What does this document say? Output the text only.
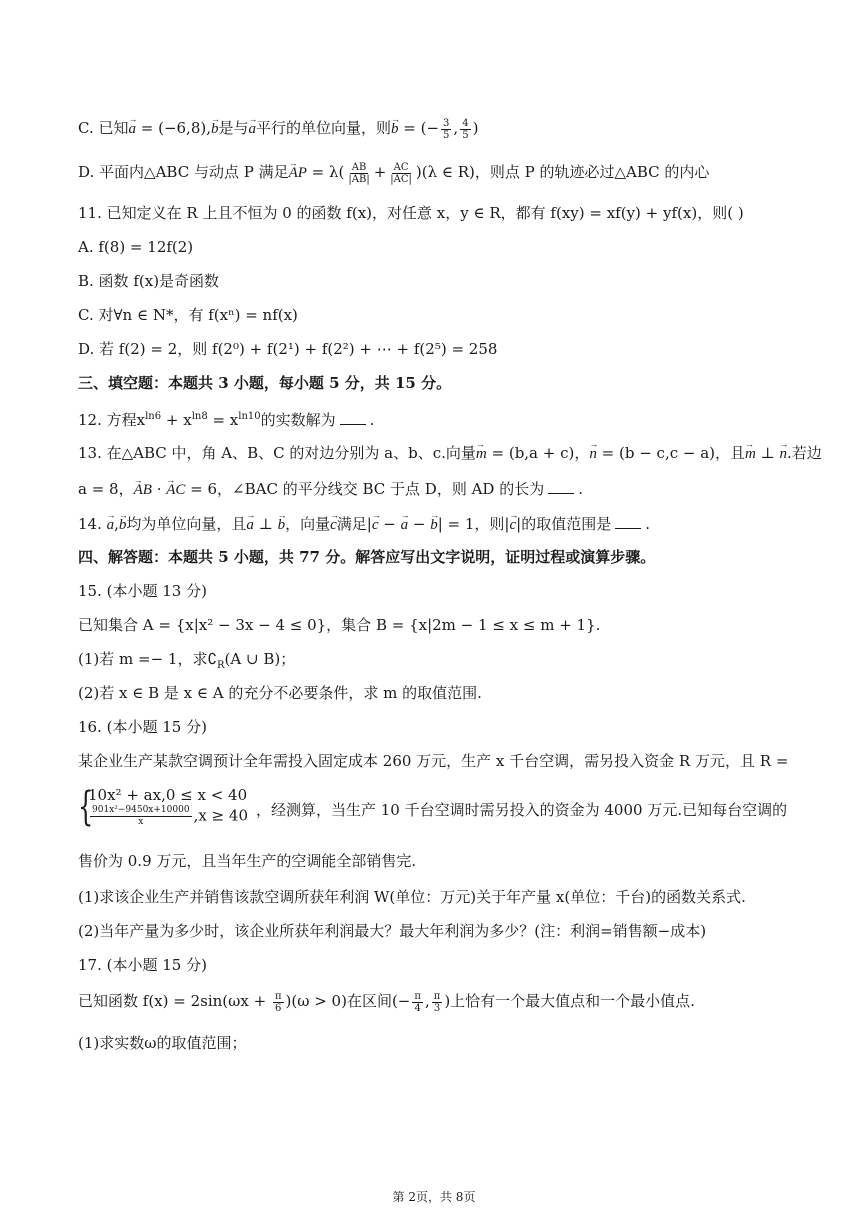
C. 已知→ a = (−6,8),→ b是与→ a平行的单位向量，则→ b = (− $\frac{3}{5}$ , $\frac{4}{5}$ )
D. 平面内△ABC 与动点 P 满足→ AP = $\lambda( \frac{AB}{|AB|} + \frac{AC}{|AC|} )(\lambda$ ∈ R)，则点 P 的轨迹必过△ABC 的内心
11. 已知定义在 R 上且不恒为 0 的函数 f(x)，对任意 x，y ∈ R，都有 f(xy) = xf(y) + yf(x)，则( )
A. f(8) = 12f(2)
B. 函数 f(x)是奇函数
C. 对∀n ∈ N*，有 f(xⁿ) = nf(x)
D. 若 f(2) = 2，则 f(2⁰) + f(2¹) + f(2²) + ⋯ + f(2⁵) = 258
三、填空题：本题共 3 小题，每小题 5 分，共 15 分。
12. 方程$x^{ln6} + x^{ln8} = x^{ln10}$的实数解为 .
13. 在△ABC 中，角 A、B、C 的对边分别为 a、b、c.向量→ m = (b,a + c)，→ n = (b − c,c − a)，且→ m ⊥ → n.若边
a = 8，→ AB · → AC = 6，∠BAC 的平分线交 BC 于点 D，则 AD 的长为 .
14. → a,→ b均为单位向量，且→ a ⊥ → b，向量→ c满足|→ c − → a − → b| = 1，则|→ c|的取值范围是 .
四、解答题：本题共 5 小题，共 77 分。解答应写出文字说明，证明过程或演算步骤。
15. (本小题 13 分)
已知集合 A = {x|x² − 3x − 4 ≤ 0}，集合 B = {x|2m − 1 ≤ x ≤ m + 1}.
(1)若 m =− 1，求$∁_R(A$ ∪ B)；
(2)若 x ∈ B 是 x ∈ A 的充分不必要条件，求 m 的取值范围.
16. (本小题 15 分)
某企业生产某款空调预计全年需投入固定成本 260 万元，生产 x 千台空调，需另投入资金 R 万元，且 R =
{
10x² + ax,0 ≤ x < 40
$\frac{\text{901x²−9450x+10000}}{x} ,x \ge 40$ ，经测算，当生产 10 千台空调时需另投入的资金为 4000 万元.已知每台空调的
售价为 0.9 万元，且当年生产的空调能全部销售完.
(1)求该企业生产并销售该款空调所获年利润 W(单位：万元)关于年产量 x(单位：千台)的函数关系式.
(2)当年产量为多少时，该企业所获年利润最大？最大年利润为多少？(注：利润=销售额−成本)
17. (本小题 15 分)
已知函数 $f(x) = 2\sin(\omega x + \frac{\pi}{6} )(\omega > 0)$在区间(− $\frac{\pi}{4}$ , $\frac{\pi}{3}$ )上恰有一个最大值点和一个最小值点.
(1)求实数ω的取值范围；
第 2页，共 8页
